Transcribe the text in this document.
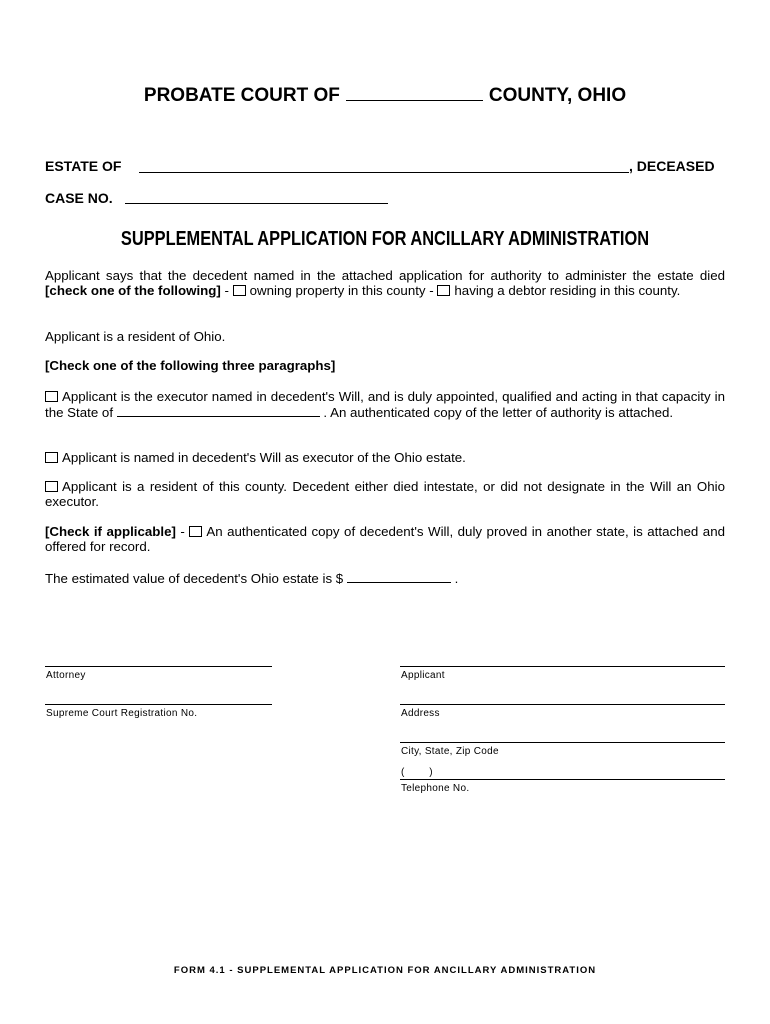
PROBATE COURT OF	COUNTY, OHIO
ESTATE OF	, DECEASED
CASE NO.
SUPPLEMENTAL APPLICATION FOR ANCILLARY ADMINISTRATION
Applicant says that the decedent named in the attached application for authority to administer the estate died [check one of the following] - owning property in this county - having a debtor residing in this county.
Applicant is a resident of Ohio.
[Check one of the following three paragraphs]
Applicant is the executor named in decedent's Will, and is duly appointed, qualified and acting in that capacity in the State of	. An authenticated copy of the letter of authority is attached.
Applicant is named in decedent's Will as executor of the Ohio estate.
Applicant is a resident of this county. Decedent either died intestate, or did not designate in the Will an Ohio executor.
[Check if applicable] - An authenticated copy of decedent's Will, duly proved in another state, is attached and offered for record.
The estimated value of decedent's Ohio estate is $	.
Attorney
Supreme Court Registration No.
Applicant
Address
City, State, Zip Code
(        )
Telephone No.
FORM 4.1 - SUPPLEMENTAL APPLICATION FOR ANCILLARY ADMINISTRATION
